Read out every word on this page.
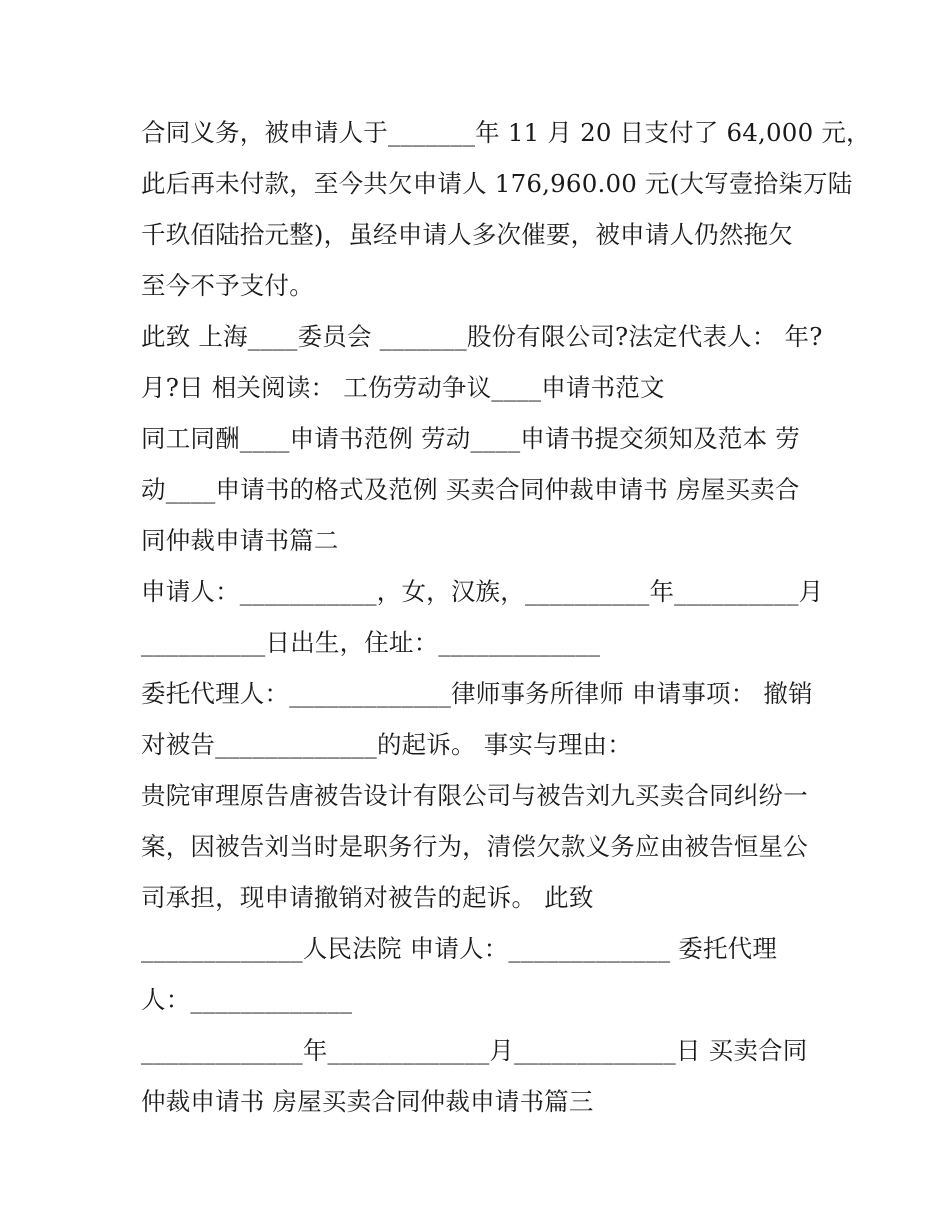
合同义务，被申请人于_______年 11 月 20 日支付了 64,000 元，
此后再未付款，至今共欠申请人 176,960.00 元(大写壹拾柒万陆
千玖佰陆拾元整)，虽经申请人多次催要，被申请人仍然拖欠
至今不予支付。
此致 上海____委员会 _______股份有限公司?法定代表人： 年?
月?日 相关阅读： 工伤劳动争议____申请书范文
同工同酬____申请书范例 劳动____申请书提交须知及范本 劳
动____申请书的格式及范例 买卖合同仲裁申请书 房屋买卖合
同仲裁申请书篇二
申请人：___________，女，汉族，__________年__________月
__________日出生，住址：_____________
委托代理人：_____________律师事务所律师 申请事项： 撤销
对被告_____________的起诉。 事实与理由：
贵院审理原告唐被告设计有限公司与被告刘九买卖合同纠纷一
案，因被告刘当时是职务行为，清偿欠款义务应由被告恒星公
司承担，现申请撤销对被告的起诉。 此致
_____________人民法院 申请人：_____________ 委托代理
人：_____________
_____________年_____________月_____________日 买卖合同
仲裁申请书 房屋买卖合同仲裁申请书篇三
